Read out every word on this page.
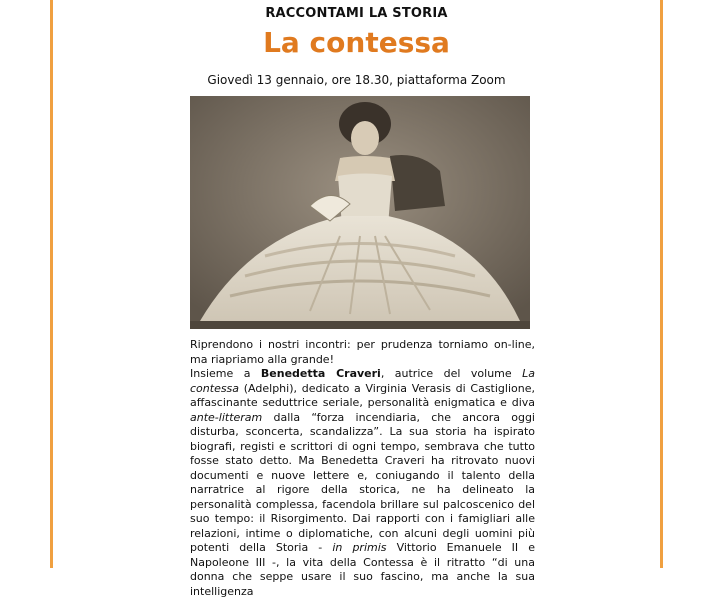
RACCONTAMI LA STORIA
La contessa
Giovedì 13 gennaio, ore 18.30, piattaforma Zoom

Riprendono i nostri incontri: per prudenza torniamo on-line, ma riapriamo alla grande!

Insieme a Benedetta Craveri, autrice del volume La contessa (Adelphi), dedicato a Virginia Verasis di Castiglione, affascinante seduttrice seriale, personalità enigmatica e diva ante-litteram dalla “forza incendiaria, che ancora oggi disturba, sconcerta, scandalizza”. La sua storia ha ispirato biografi, registi e scrittori di ogni tempo, sembrava che tutto fosse stato detto. Ma Benedetta Craveri ha ritrovato nuovi documenti e nuove lettere e, coniugando il talento della narratrice al rigore della storica, ne ha delineato la personalità complessa, facendola brillare sul palcoscenico del suo tempo: il Risorgimento. Dai rapporti con i famigliari alle relazioni, intime o diplomatiche, con alcuni degli uomini più potenti della Storia - in primis Vittorio Emanuele II e Napoleone III -, la vita della Contessa è il ritratto “di una donna che seppe usare il suo fascino, ma anche la sua intelligenza
